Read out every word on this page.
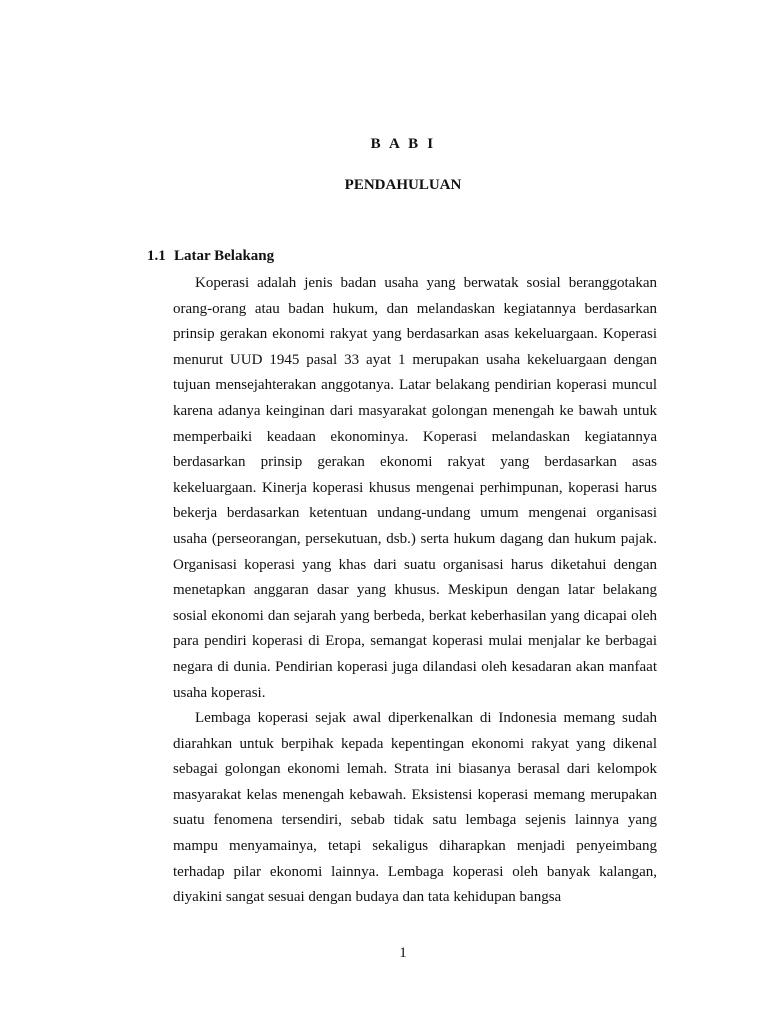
B A B I
PENDAHULUAN
1.1 Latar Belakang

Koperasi adalah jenis badan usaha yang berwatak sosial beranggotakan orang-orang atau badan hukum, dan melandaskan kegiatannya berdasarkan prinsip gerakan ekonomi rakyat yang berdasarkan asas kekeluargaan. Koperasi menurut UUD 1945 pasal 33 ayat 1 merupakan usaha kekeluargaan dengan tujuan mensejahterakan anggotanya. Latar belakang pendirian koperasi muncul karena adanya keinginan dari masyarakat golongan menengah ke bawah untuk memperbaiki keadaan ekonominya. Koperasi melandaskan kegiatannya berdasarkan prinsip gerakan ekonomi rakyat yang berdasarkan asas kekeluargaan. Kinerja koperasi khusus mengenai perhimpunan, koperasi harus bekerja berdasarkan ketentuan undang-undang umum mengenai organisasi usaha (perseorangan, persekutuan, dsb.) serta hukum dagang dan hukum pajak. Organisasi koperasi yang khas dari suatu organisasi harus diketahui dengan menetapkan anggaran dasar yang khusus. Meskipun dengan latar belakang sosial ekonomi dan sejarah yang berbeda, berkat keberhasilan yang dicapai oleh para pendiri koperasi di Eropa, semangat koperasi mulai menjalar ke berbagai negara di dunia. Pendirian koperasi juga dilandasi oleh kesadaran akan manfaat usaha koperasi.

Lembaga koperasi sejak awal diperkenalkan di Indonesia memang sudah diarahkan untuk berpihak kepada kepentingan ekonomi rakyat yang dikenal sebagai golongan ekonomi lemah. Strata ini biasanya berasal dari kelompok masyarakat kelas menengah kebawah. Eksistensi koperasi memang merupakan suatu fenomena tersendiri, sebab tidak satu lembaga sejenis lainnya yang mampu menyamainya, tetapi sekaligus diharapkan menjadi penyeimbang terhadap pilar ekonomi lainnya. Lembaga koperasi oleh banyak kalangan, diyakini sangat sesuai dengan budaya dan tata kehidupan bangsa

1
